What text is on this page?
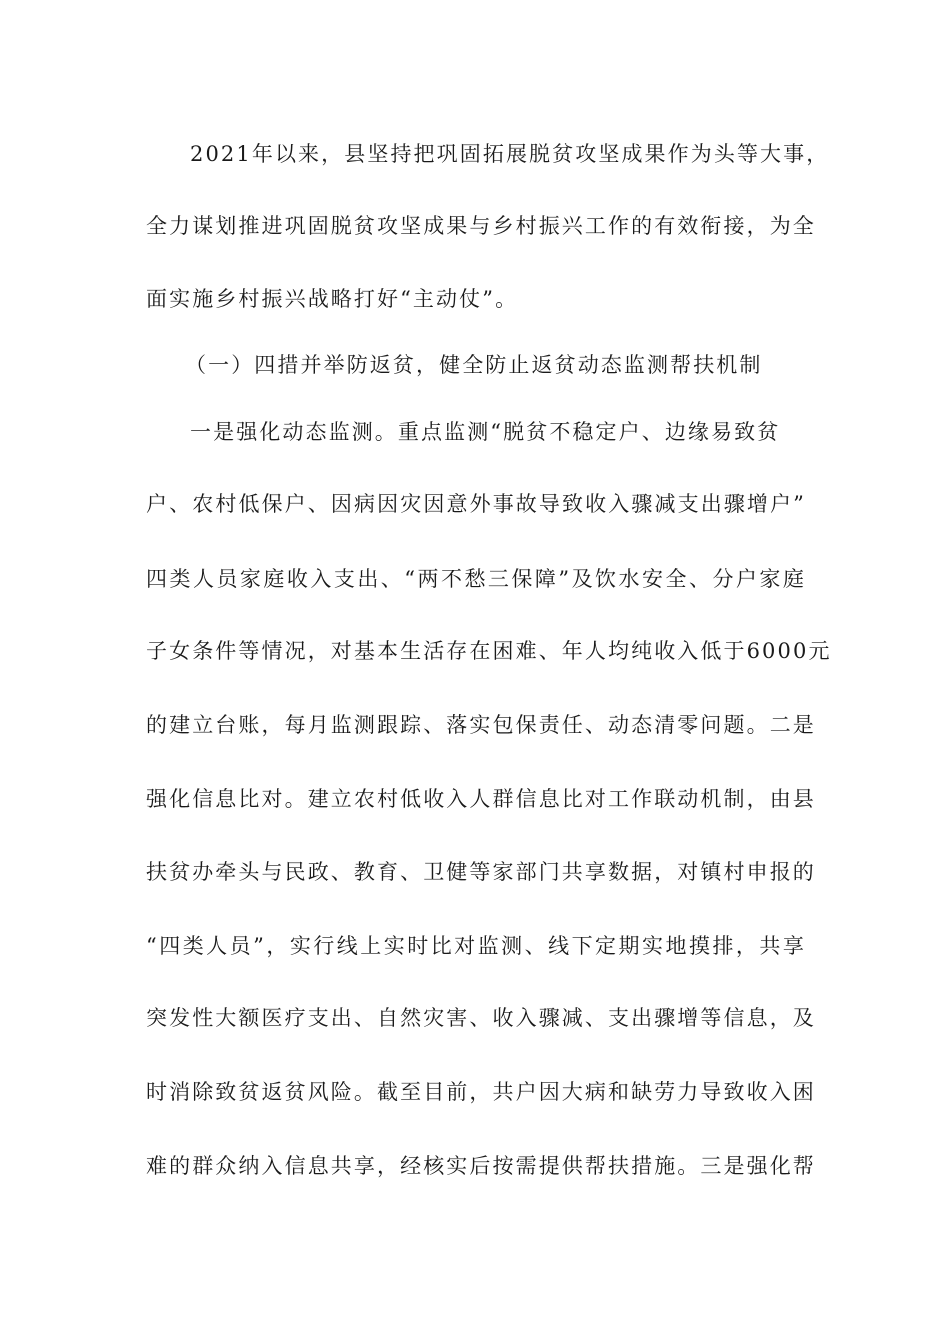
2021年以来，县坚持把巩固拓展脱贫攻坚成果作为头等大事，
全力谋划推进巩固脱贫攻坚成果与乡村振兴工作的有效衔接，为全
面实施乡村振兴战略打好“主动仗”。
（一）四措并举防返贫，健全防止返贫动态监测帮扶机制
一是强化动态监测。重点监测“脱贫不稳定户、边缘易致贫
户、农村低保户、因病因灾因意外事故导致收入骤减支出骤增户”
四类人员家庭收入支出、“两不愁三保障”及饮水安全、分户家庭
子女条件等情况，对基本生活存在困难、年人均纯收入低于6000元
的建立台账，每月监测跟踪、落实包保责任、动态清零问题。二是
强化信息比对。建立农村低收入人群信息比对工作联动机制，由县
扶贫办牵头与民政、教育、卫健等家部门共享数据，对镇村申报的
“四类人员”，实行线上实时比对监测、线下定期实地摸排，共享
突发性大额医疗支出、自然灾害、收入骤减、支出骤增等信息，及
时消除致贫返贫风险。截至目前，共户因大病和缺劳力导致收入困
难的群众纳入信息共享，经核实后按需提供帮扶措施。三是强化帮
